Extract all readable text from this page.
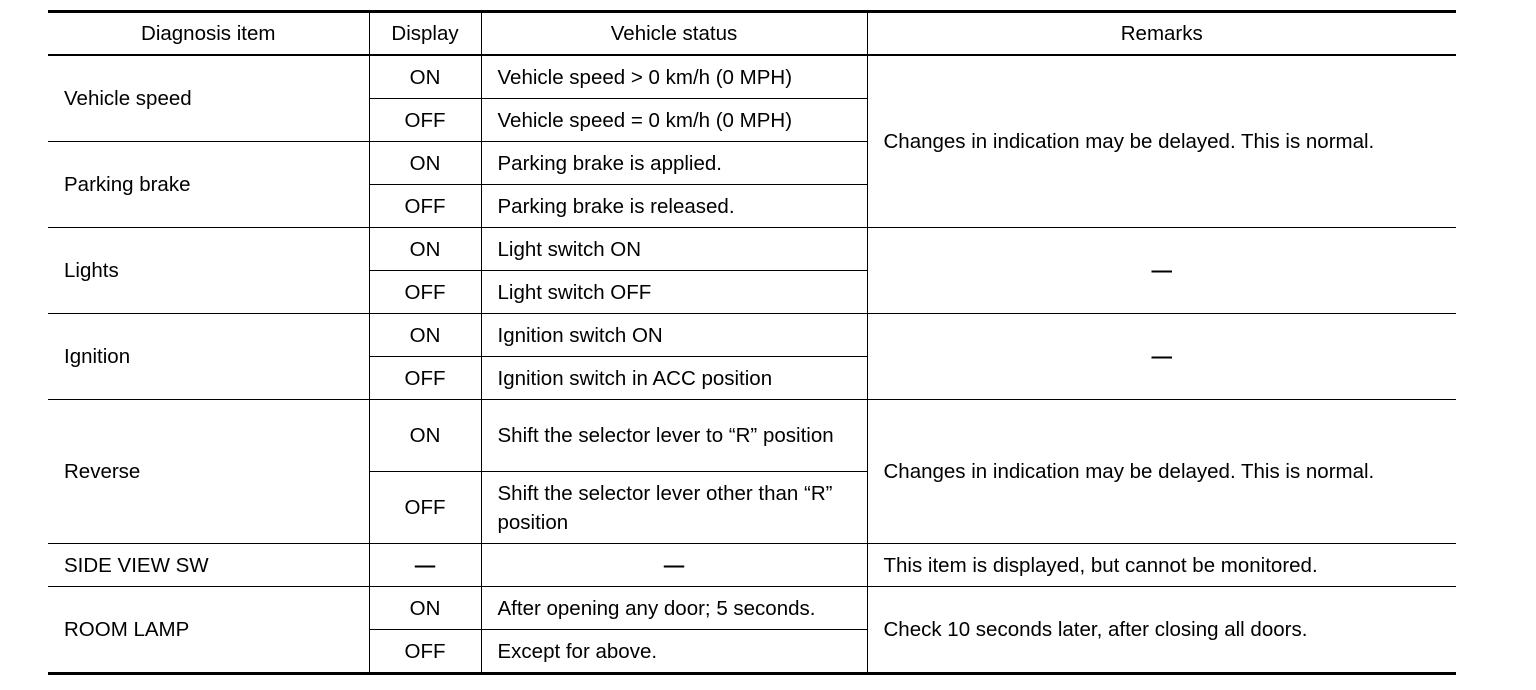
Diagnosis item	Display	Vehicle status	Remarks
Vehicle speed	ON	Vehicle speed > 0 km/h (0 MPH)	Changes in indication may be delayed. This is normal.
	OFF	Vehicle speed = 0 km/h (0 MPH)	
Parking brake	ON	Parking brake is applied.	
	OFF	Parking brake is released.	
Lights	ON	Light switch ON	—
	OFF	Light switch OFF	
Ignition	ON	Ignition switch ON	—
	OFF	Ignition switch in ACC position	
Reverse	ON	Shift the selector lever to “R” position	Changes in indication may be delayed. This is normal.
	OFF	Shift the selector lever other than “R” position	
SIDE VIEW SW	—	—	This item is displayed, but cannot be monitored.
ROOM LAMP	ON	After opening any door; 5 seconds.	Check 10 seconds later, after closing all doors.
	OFF	Except for above.	
